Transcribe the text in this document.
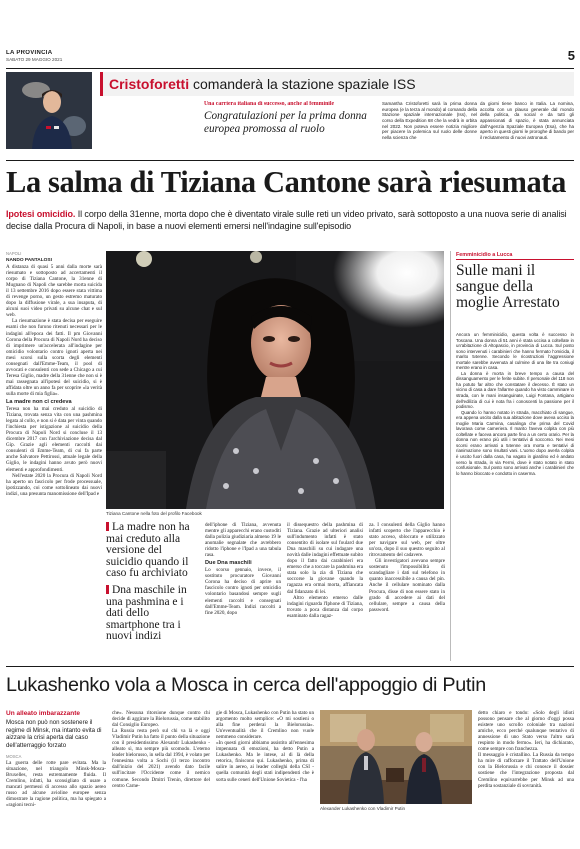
LA PROVINCIA
SABATO 29 MAGGIO 2021	5
Cristoforetti comanderà la stazione spaziale ISS
Una carriera italiana di successo, anche al femminile
Congratulazioni per la prima donna europea promossa al ruolo
Samantha Cristoforetti sarà la prima donna europea (e la terza al mondo) al comando della Stazione spaziale internazionale (Iss), nel corso della Expedition 68 che la vedrà in orbita nel 2022. Non poteva essere notizia migliore per piacere la polemica sul ruolo delle donne nella scienza che
da giorni tiene banco in Italia. La nomina, accolta con un plauso generale dal mondo della politica, da social e da tutti gli appassionati di spazio, è stata annunciata dall'Agenzia Spaziale Europea (Esa), che ha aperto in questi giorni le proroghe di bando per il reclutamento di nuovi astronauti.
La salma di Tiziana Cantone sarà riesumata
Ipotesi omicidio. Il corpo della 31enne, morta dopo che è diventato virale sulle reti un video privato, sarà sottoposto a una nuova serie di analisi decise dalla Procura di Napoli, in base a nuovi elementi emersi nell'indagine sull'episodio
NAPOLI
NANDO PANTALOSI

A distanza di quasi 5 anni dalla morte sarà riesumato e sottoposto ad accertamenti il corpo di Tiziana Cantone, la 31enne di Mugnano di Napoli che sarebbe morta suicida il 13 settembre 2016 dopo essere stata vittima di revenge porno, un gesto estremo maturato dopo la diffusione virale, a sua insaputa, di alcuni suoi video privati su alcune chat e sul web.

La riesumazione è stata decisa per eseguire esami che non furono ritenuti necessari per le indagini all'epoca dei fatti. Il pm Giovanni Corona della Procura di Napoli Nord ha deciso di imprimere un'accelerata all'indagine per omicidio volontario contro ignoti aperta nei mesi scorsi sulla scorta degli elementi consegnati dall'Emme-Team, il pool di avvocati e consulenti con sede a Chicago a cui Teresa Giglio, madre della 31enne che non si è mai rassegnata all'ipotesi del suicidio, si è affidata oltre un anno fa per scoprire «la verità sulla morte di mia figlia».

La madre non ci credeva

Teresa non ha mai creduto al suicidio di Tiziana, trovata senza vita con una pashmina legata al collo, e non si è data per vinta quando l'inchiesta per istigazione al suicidio della Procura di Napoli Nord si concluse il 13 dicembre 2017 con l'archiviazione decisa dal Gip. Grazie agli elementi raccolti dai consulenti di Emme-Team, di cui fa parte anche Salvatore Pettirossi, attuale legale della Giglio, le indagini hanno avuto però nuovi elementi e approfondimenti.

Nell'estate 2020 la Procura di Napoli Nord ha aperto un fascicolo per frode processuale, ipotizzando, coi come sottolineato dai nuovi indizi, una presunta manomissione dell'Ipad e

Tiziana Cantone nella foto del profilo Facebook
La madre non ha mai creduto alla versione del suicidio quando il caso fu archiviato
Dna maschile in una pashmina e i dati dello smartphone tra i nuovi indizi

dell'iphone di Tiziana, avvenuta mentre gli apparecchi erano custoditi dalla polizia giudiziaria almeno 19 le anomalie segnalate che avrebbero ridotto l'iphone e l'Ipad a una tabula rasa.

Due Dna maschili

Lo scorso gennaio, invece, il sostituto procuratore Giovanni Corona ha deciso di aprire un fascicolo contro ignoti per omicidio volontario basandosi sempre sugli elementi raccolti e consegnati dall'Emme-Team. Indizi raccolti a fine 2020, dopo

il dissequestro della pashmina di Tiziana. Grazie ad ulteriori analisi sull'indumento infatti è stato consentito di isolare sul foulard due Dna maschili su cui indagare una novità dalle indagini effettuate subito dopo il fatto dai carabinieri era emerso che a toccare la pashmina era stata solo la zia di Tiziana che soccorse la giovane quando la ragazza era ormai morta, affiancata dal fidanzato di lei.

Altro elemento emerso dalle indagini riguarda l'Iphone di Tiziana, trovato a poca distanza dal corpo esaminato dalla ragaz-

za. I consulenti della Giglio hanno infatti scoperto che l'apparecchio è stato acceso, sbloccato e utilizzato per navigare sul web, per oltre un'ora, dopo il suo questro seguito al ritrovamento del cadavere.

Gli investigatori avevano sempre sostenuto l'impossibilità di scandagliare i dati sul telefono in quanto inaccessibile a causa del pin. Anche il cellulare nominato dalla Procura, disse di non essere stato in grado di accedere ai dati del cellulare, sempre a causa della password.

Femminicidio a Lucca
Sulle mani il sangue della moglie Arrestato

Ancora un femminicidio, questa volta è successo in Toscana. Una donna di 51 anni è stata uccisa a coltellate in un'abitazione di Altopascio, in provincia di Lucca. Sul posto sono intervenuti i carabinieri che hanno fermato l'omicida, il marito 54enne. Secondo le ricostruzioni l'aggressione mortale sarebbe avvenuta al culmine di una lite tra coniugi mentre erano in casa.

La donna è morta in breve tempo a causa del dissanguamento per le ferite subite. Il personale del 118 non ha potuto far altro che constatare il decesso. È stato un vicino di casa a dare l'allarme quando ha visto camminare in strada, con le mani insanguinate, Luigi Fontana, artigiano dell'edilizia di cui è nota fra i conoscenti la passione per il podismo.

Quando lo hanno notato in strada, macchiato di sangue, era appena uscito dalla sua abitazione dove aveva ucciso la moglie Maria Carmina, casalinga che prima del Covid lavorava come cameriera. Il marito l'aveva colpita con più coltellate e faceva ancora parte fino a un certo orario. Per la donna non erano più utili i tentativi di soccorso. Nei mesi scorsi erano arrivati a 54enne ora morta e tentativi di rianimazione sono risultati vani. L'uomo dopo averla colpita è uscito fuori dalla casa, ha vagato in giardino ed è andato verso la strada, in via Fermi, dove è stato notato in stato confusionale. Sul posto sono arrivati anche i carabinieri che lo hanno bloccato e condotto in caserma.

Lukashenko vola a Mosca in cerca dell'appoggio di Putin
Un alleato imbarazzante
Mosca non può non sostenere il regime di Minsk, ma intanto evita di aizzare la crisi aperta dal caso dell'atterraggio forzato
MOSCA

La guerra delle rotte pare evitata. Ma la situazione, nel triangolo Minsk-Mosca-Bruxelles, resta estremamente fluida. Il Cremlino, infatti, ha sconsigliato di usare a mancati permessi di accesso allo spazio aereo russo ad alcune avioline europee senza dimostrare la ragione politica, ma ha spiegato a «ragioni tecni-

che». Nessuna ritorsione dunque contro chi decide di aggirare la Bielorussia, come stabilito dal Consiglio Europeo.
La Russia resta però sul chi va là e oggi Vladimir Putin ha fatto il punto della situazione con il presidentissimo Alexandr Lukashenko - alleato sì, ma sempre più scomodo. L'eterno leader bielorusso, in sella dal 1994, è volato per l'ennesima volta a Sochi (il terzo incontro dall'inizio del 2021) avendo dato facile sull'incitare l'Occidente come il nemico comune. Secondo Dmitri Trenin, direttore del centro Carne-
gie di Mosca, Lukashenko con Putin ha stato un argomento molto semplice: «O mi sostieni o alla fine perderai la Bielorussia». Un'eventualità che il Cremlino non vuole nemmeno considerare.
«In questi giorni abbiamo assistito all'ennesima impennata di emozioni, ha detto Putin a Lukashenko. Ma le intese, al di là della retorica, finiscono qui. Lukashenko, prima di salire in aereo, ai leader colleghi della CSI - quella comunità degli stati indipendenti che è sorta sulle ceneri dell'Unione Sovietica - l'ha
Alexander Lukashenko con Vladimir Putin
detto chiaro e tondo: «Solo degli idioti possono pensare che al giorno d'oggi possa esistere uno scrollo coloniale tra nazioni amiche, ecco perché qualunque tentativo di annessione di uno Stato verso l'altro sarà respinto in modo fermo». Ieri, ha dichiarato, come sempre con franchezza.
Il messaggio è cristallino. La Russia da tempo ha mire di rafforzare il Trattato dell'Unione con la Bielorussia e chi conosce il dossier sostiene che l'integrazione proposta dal Cremlino equivarrebbe per Minsk ad una perdita sostanziale di sovranità.
